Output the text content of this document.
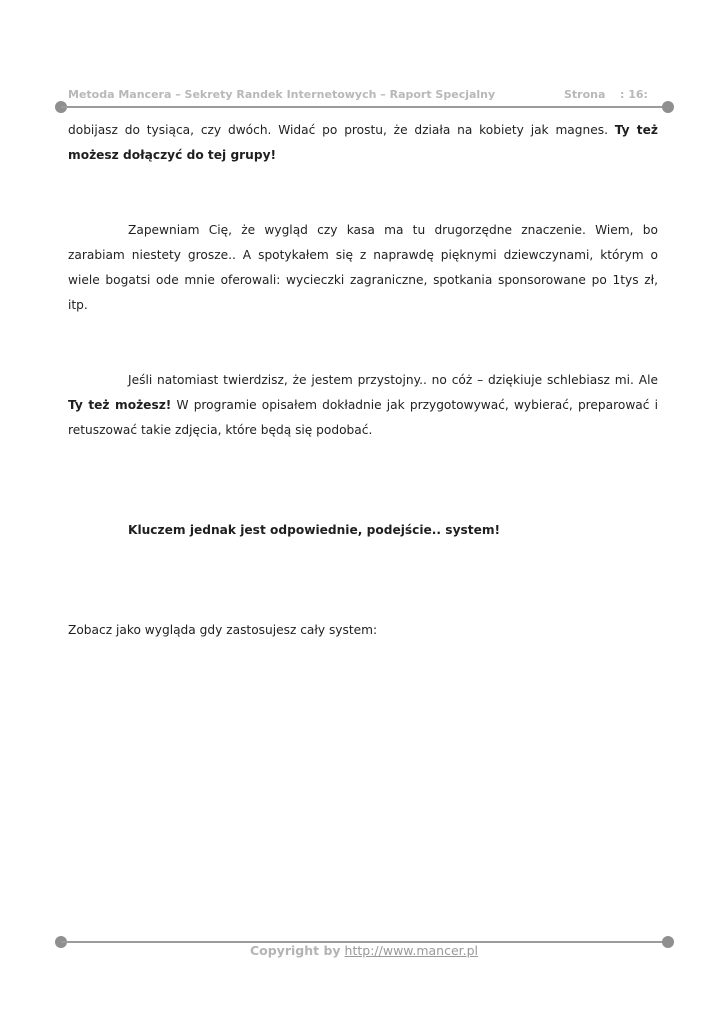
Metoda Mancera – Sekrety Randek Internetowych – Raport Specjalny	Strona : 16:

dobijasz do tysiąca, czy dwóch. Widać po prostu, że działa na kobiety jak magnes. Ty też możesz dołączyć do tej grupy!

Zapewniam Cię, że wygląd czy kasa ma tu drugorzędne znaczenie. Wiem, bo zarabiam niestety grosze.. A spotykałem się z naprawdę pięknymi dziewczynami, którym o wiele bogatsi ode mnie oferowali: wycieczki zagraniczne, spotkania sponsorowane po 1tys zł, itp.

Jeśli natomiast twierdzisz, że jestem przystojny.. no cóż – dziękiuje schlebiasz mi. Ale Ty też możesz! W programie opisałem dokładnie jak przygotowywać, wybierać, preparować i retuszować takie zdjęcia, które będą się podobać.

Kluczem jednak jest odpowiednie, podejście.. system!

Zobacz jako wygląda gdy zastosujesz cały system:

Copyright by http://www.mancer.pl
